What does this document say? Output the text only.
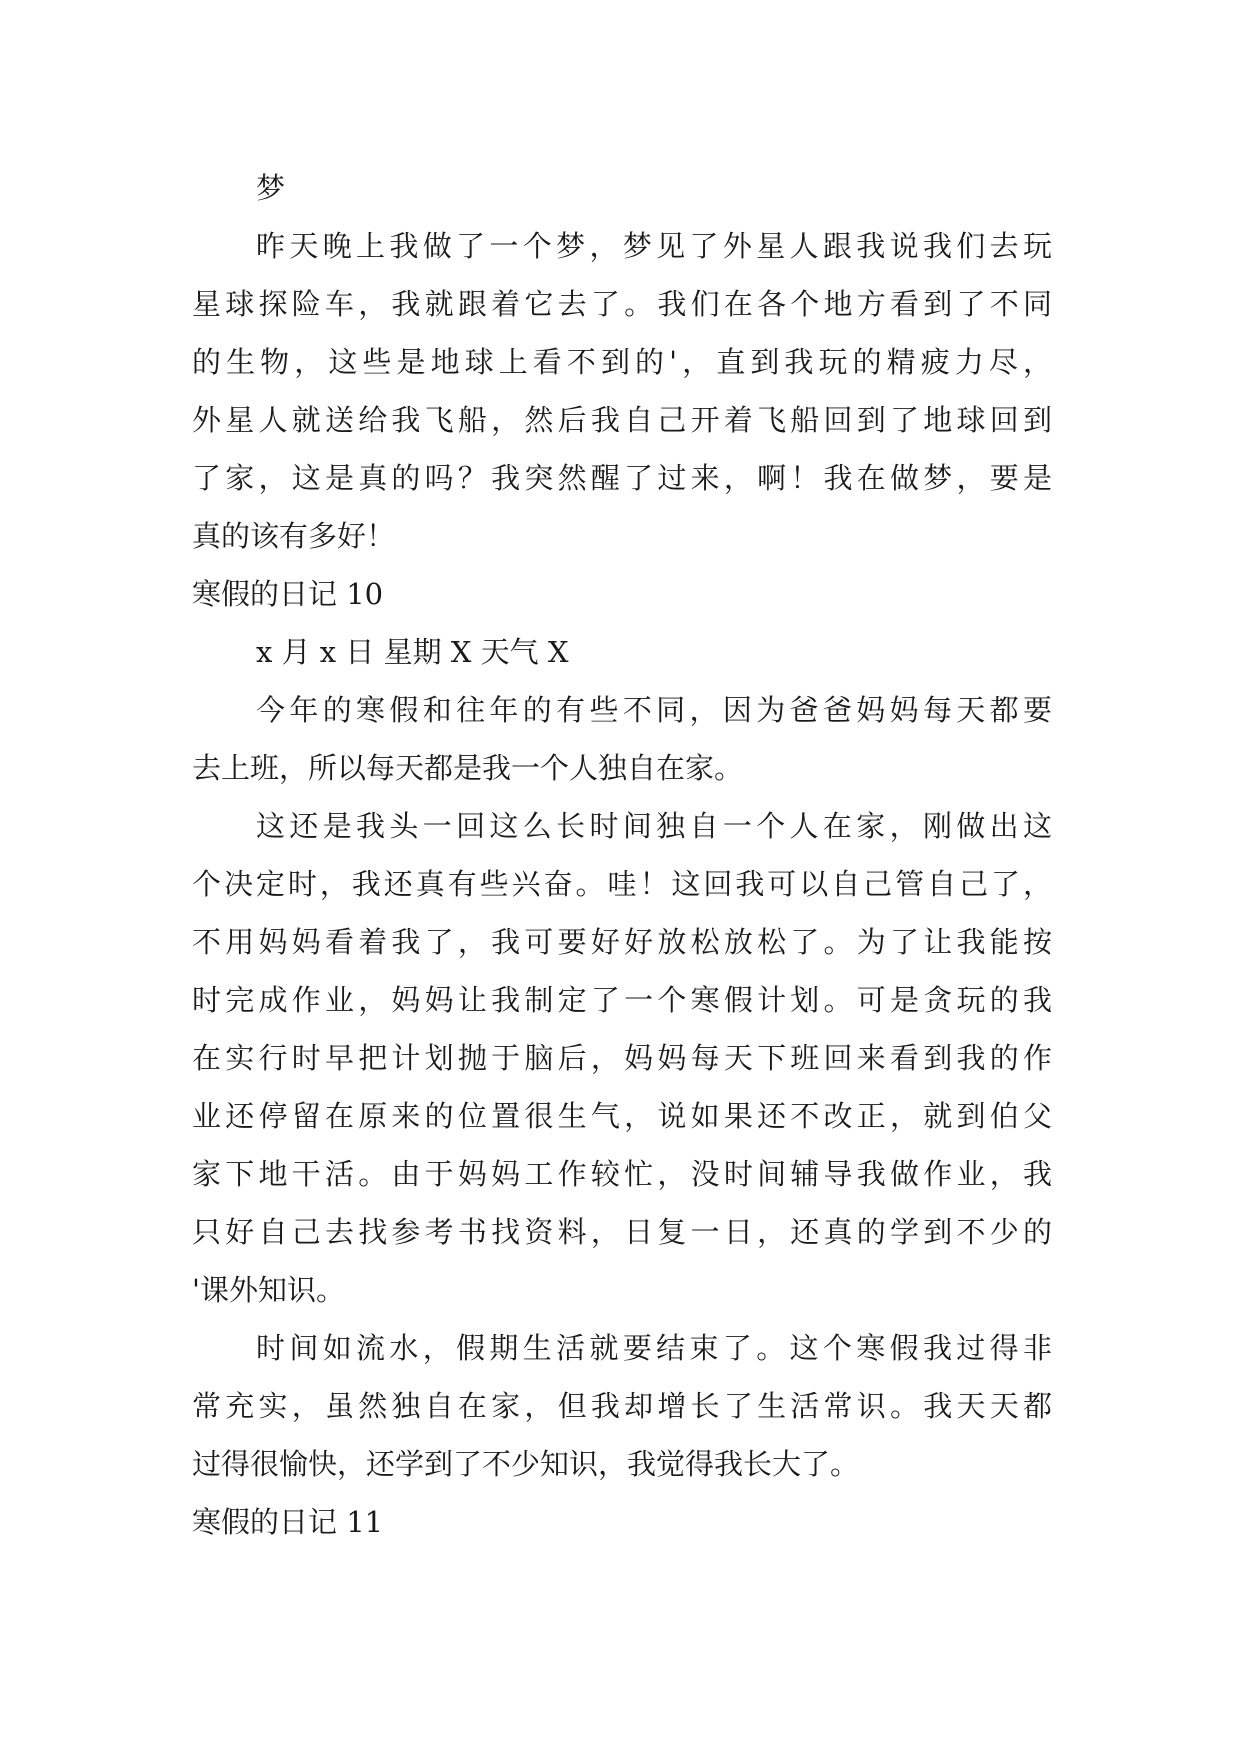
梦
昨天晚上我做了一个梦，梦见了外星人跟我说我们去玩
星球探险车，我就跟着它去了。我们在各个地方看到了不同
的生物，这些是地球上看不到的'，直到我玩的精疲力尽，
外星人就送给我飞船，然后我自己开着飞船回到了地球回到
了家，这是真的吗？我突然醒了过来，啊！我在做梦，要是
真的该有多好！
寒假的日记 10
x 月 x 日 星期 X 天气 X
今年的寒假和往年的有些不同，因为爸爸妈妈每天都要
去上班，所以每天都是我一个人独自在家。
这还是我头一回这么长时间独自一个人在家，刚做出这
个决定时，我还真有些兴奋。哇！这回我可以自己管自己了，
不用妈妈看着我了，我可要好好放松放松了。为了让我能按
时完成作业，妈妈让我制定了一个寒假计划。可是贪玩的我
在实行时早把计划抛于脑后，妈妈每天下班回来看到我的作
业还停留在原来的位置很生气，说如果还不改正，就到伯父
家下地干活。由于妈妈工作较忙，没时间辅导我做作业，我
只好自己去找参考书找资料，日复一日，还真的学到不少的
'课外知识。
时间如流水，假期生活就要结束了。这个寒假我过得非
常充实，虽然独自在家，但我却增长了生活常识。我天天都
过得很愉快，还学到了不少知识，我觉得我长大了。
寒假的日记 11
